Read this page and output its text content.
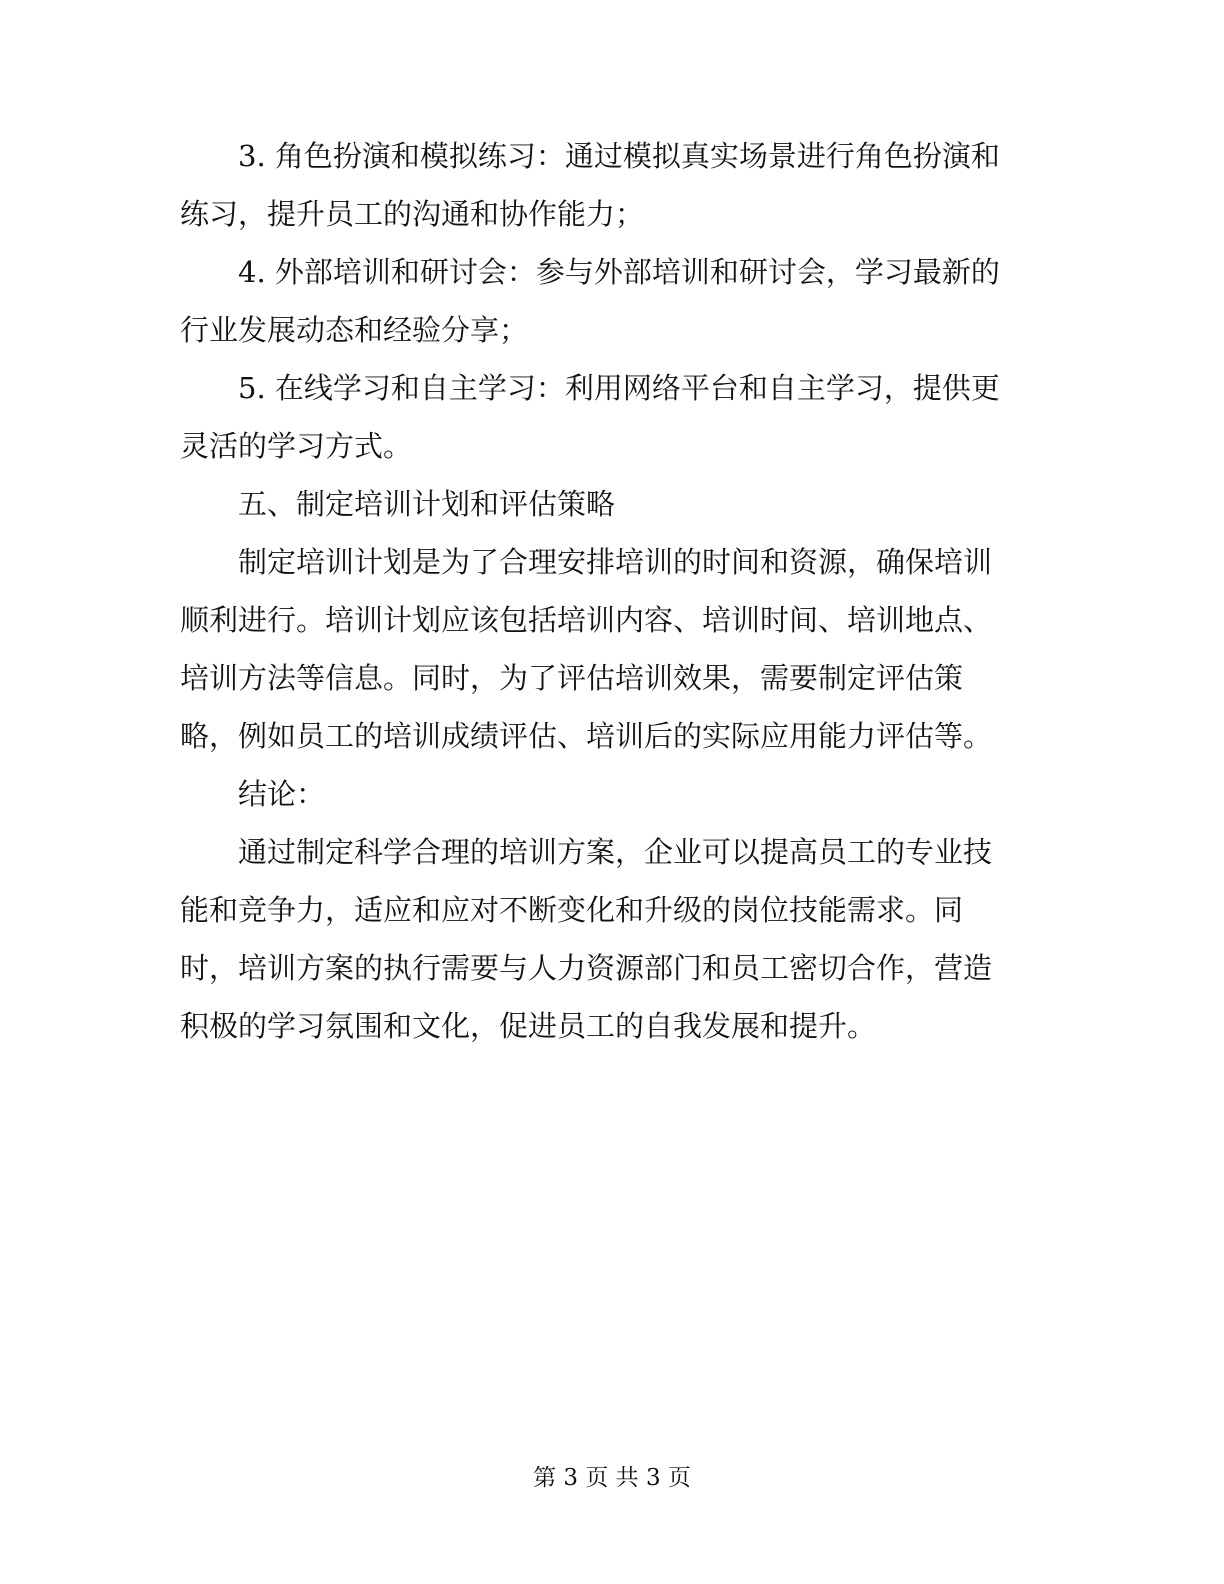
3. 角色扮演和模拟练习：通过模拟真实场景进行角色扮演和
练习，提升员工的沟通和协作能力；
4. 外部培训和研讨会：参与外部培训和研讨会，学习最新的
行业发展动态和经验分享；
5. 在线学习和自主学习：利用网络平台和自主学习，提供更
灵活的学习方式。
五、制定培训计划和评估策略
制定培训计划是为了合理安排培训的时间和资源，确保培训
顺利进行。培训计划应该包括培训内容、培训时间、培训地点、
培训方法等信息。同时，为了评估培训效果，需要制定评估策
略，例如员工的培训成绩评估、培训后的实际应用能力评估等。
结论：
通过制定科学合理的培训方案，企业可以提高员工的专业技
能和竞争力，适应和应对不断变化和升级的岗位技能需求。同
时，培训方案的执行需要与人力资源部门和员工密切合作，营造
积极的学习氛围和文化，促进员工的自我发展和提升。
第 3 页 共 3 页
